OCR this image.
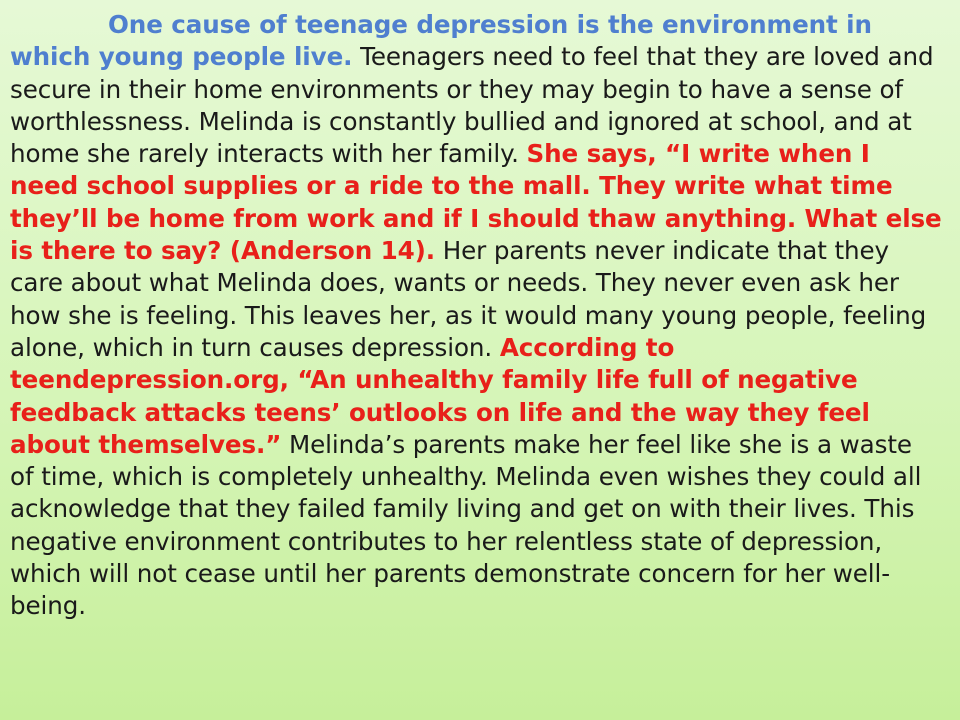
One cause of teenage depression is the environment in which young people live. Teenagers need to feel that they are loved and secure in their home environments or they may begin to have a sense of worthlessness. Melinda is constantly bullied and ignored at school, and at home she rarely interacts with her family. She says, “I write when I need school supplies or a ride to the mall. They write what time they’ll be home from work and if I should thaw anything. What else is there to say? (Anderson 14). Her parents never indicate that they care about what Melinda does, wants or needs. They never even ask her how she is feeling. This leaves her, as it would many young people, feeling alone, which in turn causes depression. According to teendepression.org, “An unhealthy family life full of negative feedback attacks teens’ outlooks on life and the way they feel about themselves.” Melinda’s parents make her feel like she is a waste of time, which is completely unhealthy. Melinda even wishes they could all acknowledge that they failed family living and get on with their lives. This negative environment contributes to her relentless state of depression, which will not cease until her parents demonstrate concern for her well-being.
